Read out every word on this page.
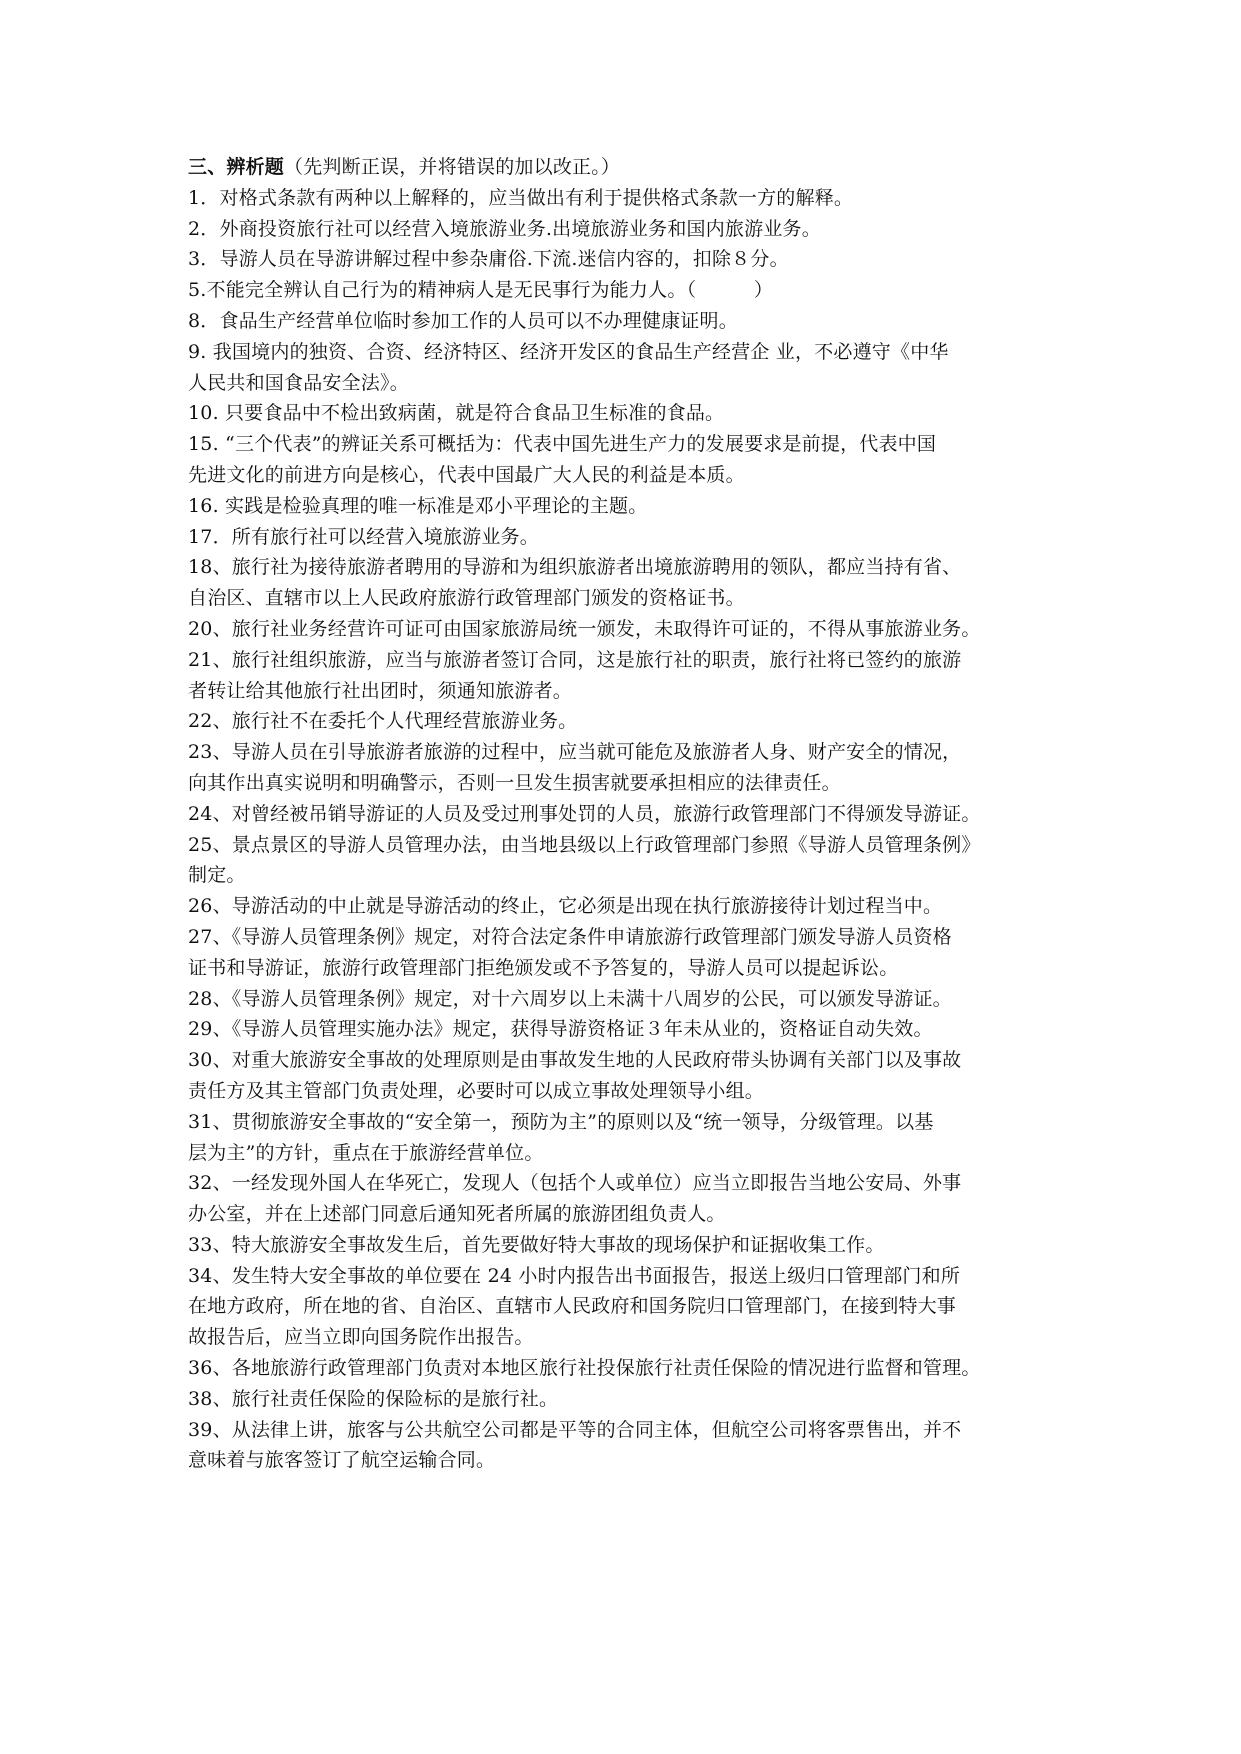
三、辨析题（先判断正误，并将错误的加以改正。）

1．对格式条款有两种以上解释的，应当做出有利于提供格式条款一方的解释。

2．外商投资旅行社可以经营入境旅游业务.出境旅游业务和国内旅游业务。

3．导游人员在导游讲解过程中参杂庸俗.下流.迷信内容的，扣除８分。

5.不能完全辨认自己行为的精神病人是无民事行为能力人。（　　　）

8．食品生产经营单位临时参加工作的人员可以不办理健康证明。

9. 我国境内的独资、合资、经济特区、经济开发区的食品生产经营企 业，不必遵守《中华

人民共和国食品安全法》。

10. 只要食品中不检出致病菌，就是符合食品卫生标准的食品。

15. “三个代表”的辨证关系可概括为：代表中国先进生产力的发展要求是前提，代表中国

先进文化的前进方向是核心，代表中国最广大人民的利益是本质。

16. 实践是检验真理的唯一标准是邓小平理论的主题。

17．所有旅行社可以经营入境旅游业务。

18、旅行社为接待旅游者聘用的导游和为组织旅游者出境旅游聘用的领队，都应当持有省、

自治区、直辖市以上人民政府旅游行政管理部门颁发的资格证书。

20、旅行社业务经营许可证可由国家旅游局统一颁发，未取得许可证的，不得从事旅游业务。

21、旅行社组织旅游，应当与旅游者签订合同，这是旅行社的职责，旅行社将已签约的旅游

者转让给其他旅行社出团时，须通知旅游者。

22、旅行社不在委托个人代理经营旅游业务。

23、导游人员在引导旅游者旅游的过程中，应当就可能危及旅游者人身、财产安全的情况，

向其作出真实说明和明确警示，否则一旦发生损害就要承担相应的法律责任。

24、对曾经被吊销导游证的人员及受过刑事处罚的人员，旅游行政管理部门不得颁发导游证。

25、景点景区的导游人员管理办法，由当地县级以上行政管理部门参照《导游人员管理条例》

制定。

26、导游活动的中止就是导游活动的终止，它必须是出现在执行旅游接待计划过程当中。

27、《导游人员管理条例》规定，对符合法定条件申请旅游行政管理部门颁发导游人员资格

证书和导游证，旅游行政管理部门拒绝颁发或不予答复的，导游人员可以提起诉讼。

28、《导游人员管理条例》规定，对十六周岁以上未满十八周岁的公民，可以颁发导游证。

29、《导游人员管理实施办法》规定，获得导游资格证３年未从业的，资格证自动失效。

30、对重大旅游安全事故的处理原则是由事故发生地的人民政府带头协调有关部门以及事故

责任方及其主管部门负责处理，必要时可以成立事故处理领导小组。

31、贯彻旅游安全事故的“安全第一，预防为主”的原则以及“统一领导，分级管理。以基

层为主”的方针，重点在于旅游经营单位。

32、一经发现外国人在华死亡，发现人（包括个人或单位）应当立即报告当地公安局、外事

办公室，并在上述部门同意后通知死者所属的旅游团组负责人。

33、特大旅游安全事故发生后，首先要做好特大事故的现场保护和证据收集工作。

34、发生特大安全事故的单位要在 24 小时内报告出书面报告，报送上级归口管理部门和所

在地方政府，所在地的省、自治区、直辖市人民政府和国务院归口管理部门，在接到特大事

故报告后，应当立即向国务院作出报告。

36、各地旅游行政管理部门负责对本地区旅行社投保旅行社责任保险的情况进行监督和管理。

38、旅行社责任保险的保险标的是旅行社。

39、从法律上讲，旅客与公共航空公司都是平等的合同主体，但航空公司将客票售出，并不

意味着与旅客签订了航空运输合同。
